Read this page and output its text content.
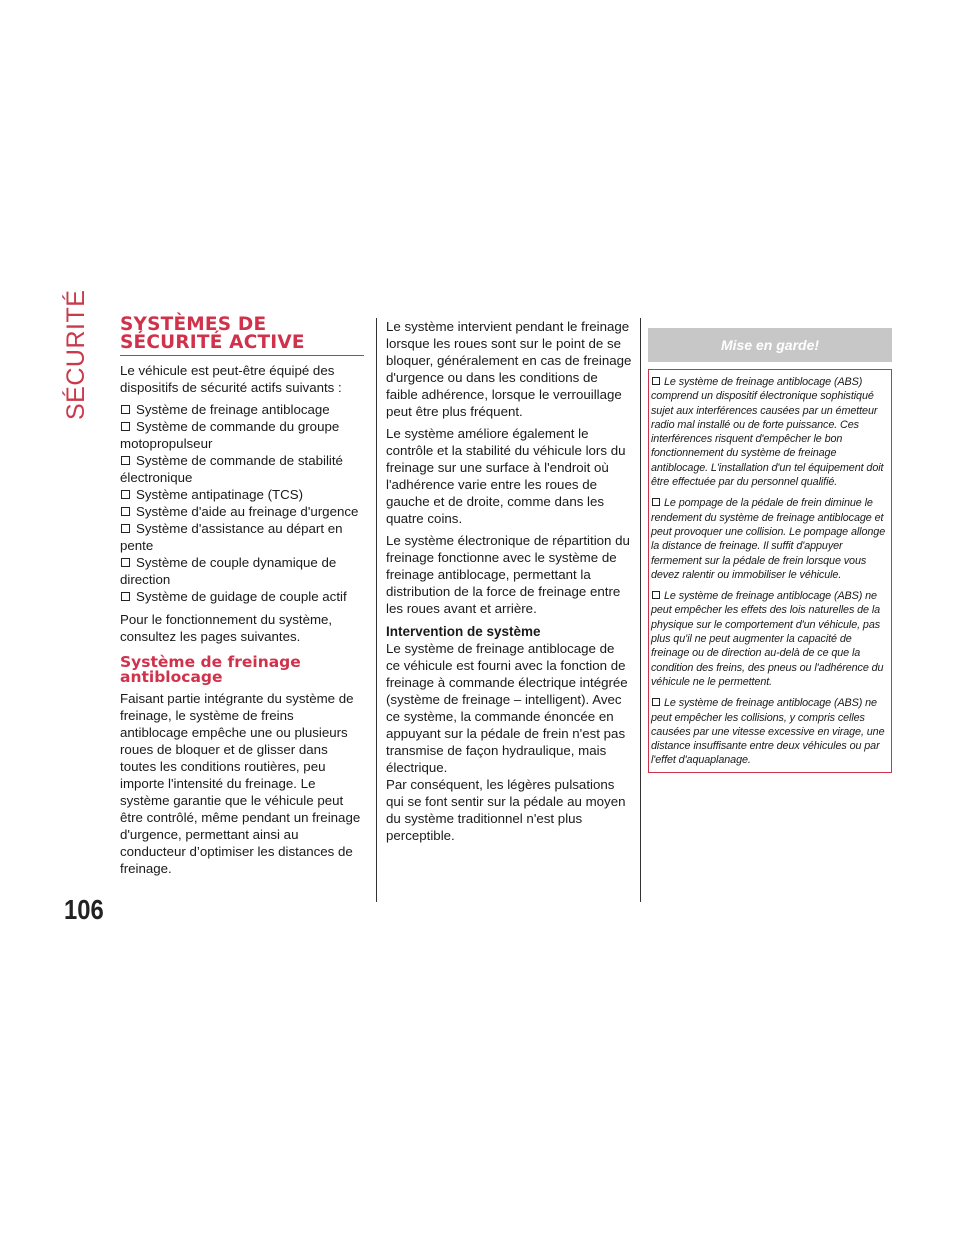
SÉCURITÉ SYSTÈMES DE
SÉCURITÉ ACTIVE

Le véhicule est peut-être équipé des dispositifs de sécurité actifs suivants :

Système de freinage antiblocage
Système de commande du groupe motopropulseur
Système de commande de stabilité électronique
Système antipatinage (TCS)
Système d'aide au freinage d'urgence
Système d'assistance au départ en pente
Système de couple dynamique de direction
Système de guidage de couple actif

Pour le fonctionnement du système, consultez les pages suivantes.

Système de freinage
antiblocage

Faisant partie intégrante du système de freinage, le système de freins antiblocage empêche une ou plusieurs roues de bloquer et de glisser dans toutes les conditions routières, peu importe l'intensité du freinage. Le système garantie que le véhicule peut être contrôlé, même pendant un freinage d'urgence, permettant ainsi au conducteur d’optimiser les distances de freinage.

Le système intervient pendant le freinage lorsque les roues sont sur le point de se bloquer, généralement en cas de freinage d'urgence ou dans les conditions de faible adhérence, lorsque le verrouillage peut être plus fréquent.

Le système améliore également le contrôle et la stabilité du véhicule lors du freinage sur une surface à l'endroit où l'adhérence varie entre les roues de gauche et de droite, comme dans les quatre coins.

Le système électronique de répartition du freinage fonctionne avec le système de freinage antiblocage, permettant la distribution de la force de freinage entre les roues avant et arrière.

Intervention de système

Le système de freinage antiblocage de ce véhicule est fourni avec la fonction de freinage à commande électrique intégrée (système de freinage – intelligent). Avec ce système, la commande énoncée en appuyant sur la pédale de frein n'est pas transmise de façon hydraulique, mais électrique.

Par conséquent, les légères pulsations qui se font sentir sur la pédale au moyen du système traditionnel n'est plus perceptible.

Mise en garde!
Le système de freinage antiblocage (ABS) comprend un dispositif électronique sophistiqué sujet aux interférences causées par un émetteur radio mal installé ou de forte puissance. Ces interférences risquent d'empêcher le bon fonctionnement du système de freinage antiblocage. L'installation d'un tel équipement doit être effectuée par du personnel qualifié.
Le pompage de la pédale de frein diminue le rendement du système de freinage antiblocage et peut provoquer une collision. Le pompage allonge la distance de freinage. Il suffit d'appuyer fermement sur la pédale de frein lorsque vous devez ralentir ou immobiliser le véhicule.
Le système de freinage antiblocage (ABS) ne peut empêcher les effets des lois naturelles de la physique sur le comportement d'un véhicule, pas plus qu'il ne peut augmenter la capacité de freinage ou de direction au-delà de ce que la condition des freins, des pneus ou l'adhérence du véhicule ne le permettent.
Le système de freinage antiblocage (ABS) ne peut empêcher les collisions, y compris celles causées par une vitesse excessive en virage, une distance insuffisante entre deux véhicules ou par l'effet d'aquaplanage.
106
